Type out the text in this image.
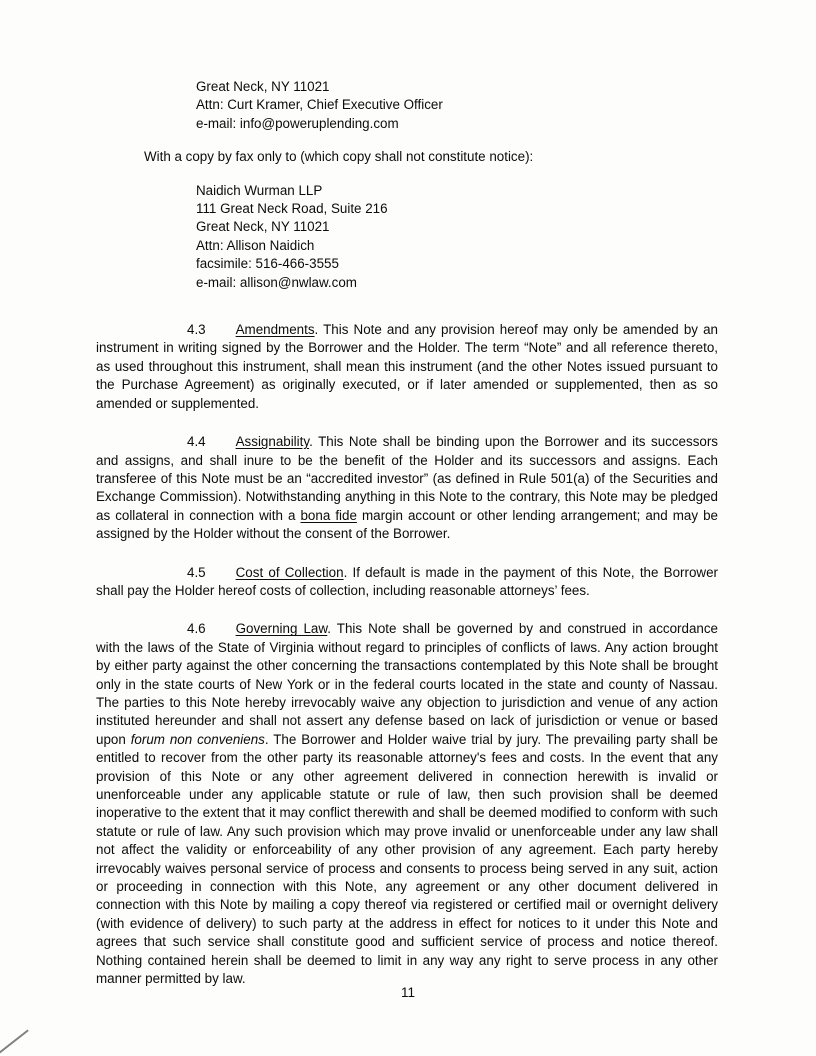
Great Neck, NY 11021
Attn: Curt Kramer, Chief Executive Officer
e-mail: info@poweruplending.com

With a copy by fax only to (which copy shall not constitute notice):

Naidich Wurman LLP
111 Great Neck Road, Suite 216
Great Neck, NY 11021
Attn: Allison Naidich
facsimile: 516-466-3555
e-mail: allison@nwlaw.com

4.3 Amendments. This Note and any provision hereof may only be amended by an instrument in writing signed by the Borrower and the Holder. The term “Note” and all reference thereto, as used throughout this instrument, shall mean this instrument (and the other Notes issued pursuant to the Purchase Agreement) as originally executed, or if later amended or supplemented, then as so amended or supplemented.

4.4 Assignability. This Note shall be binding upon the Borrower and its successors and assigns, and shall inure to be the benefit of the Holder and its successors and assigns. Each transferee of this Note must be an “accredited investor” (as defined in Rule 501(a) of the Securities and Exchange Commission). Notwithstanding anything in this Note to the contrary, this Note may be pledged as collateral in connection with a bona fide margin account or other lending arrangement; and may be assigned by the Holder without the consent of the Borrower.

4.5 Cost of Collection. If default is made in the payment of this Note, the Borrower shall pay the Holder hereof costs of collection, including reasonable attorneys’ fees.

4.6 Governing Law. This Note shall be governed by and construed in accordance with the laws of the State of Virginia without regard to principles of conflicts of laws. Any action brought by either party against the other concerning the transactions contemplated by this Note shall be brought only in the state courts of New York or in the federal courts located in the state and county of Nassau. The parties to this Note hereby irrevocably waive any objection to jurisdiction and venue of any action instituted hereunder and shall not assert any defense based on lack of jurisdiction or venue or based upon forum non conveniens. The Borrower and Holder waive trial by jury. The prevailing party shall be entitled to recover from the other party its reasonable attorney's fees and costs. In the event that any provision of this Note or any other agreement delivered in connection herewith is invalid or unenforceable under any applicable statute or rule of law, then such provision shall be deemed inoperative to the extent that it may conflict therewith and shall be deemed modified to conform with such statute or rule of law. Any such provision which may prove invalid or unenforceable under any law shall not affect the validity or enforceability of any other provision of any agreement. Each party hereby irrevocably waives personal service of process and consents to process being served in any suit, action or proceeding in connection with this Note, any agreement or any other document delivered in connection with this Note by mailing a copy thereof via registered or certified mail or overnight delivery (with evidence of delivery) to such party at the address in effect for notices to it under this Note and agrees that such service shall constitute good and sufficient service of process and notice thereof. Nothing contained herein shall be deemed to limit in any way any right to serve process in any other manner permitted by law.

11
